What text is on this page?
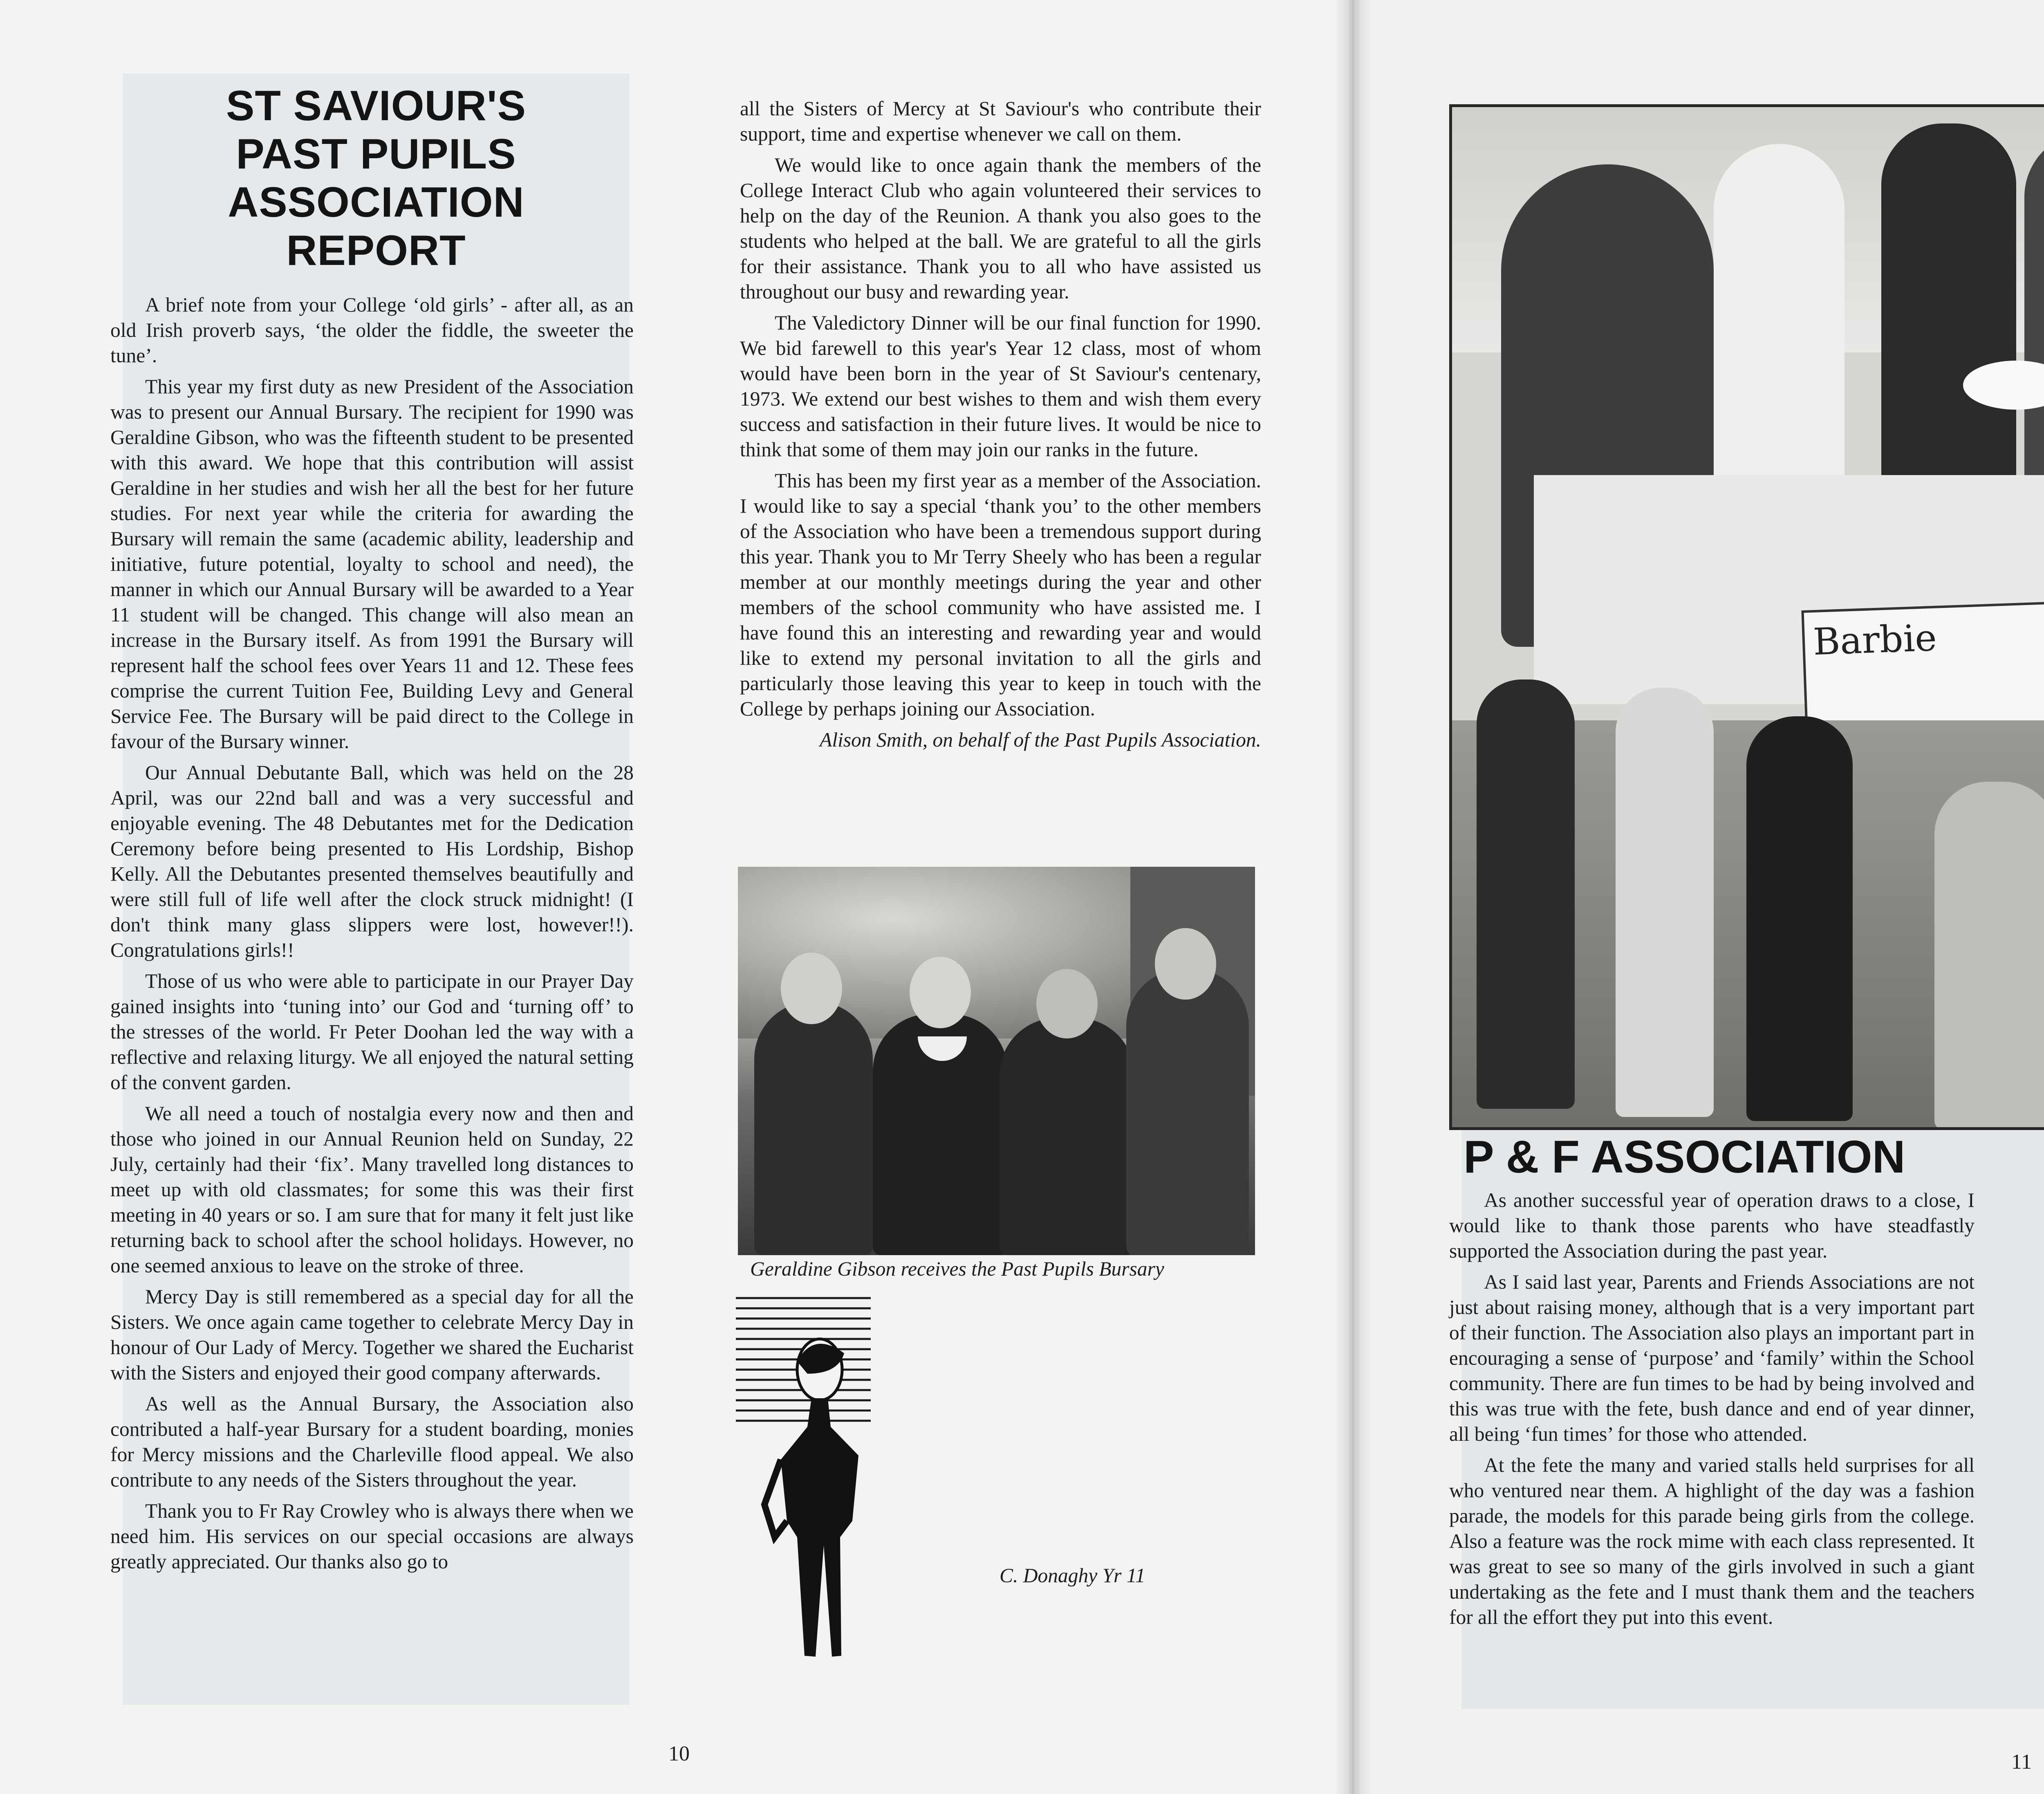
ST SAVIOUR'S
PAST PUPILS
ASSOCIATION
REPORT

A brief note from your College ‘old girls’ - after all, as an old Irish proverb says, ‘the older the fiddle, the sweeter the tune’.

This year my first duty as new President of the Association was to present our Annual Bursary. The recipient for 1990 was Geraldine Gibson, who was the fifteenth student to be presented with this award. We hope that this contribution will assist Geraldine in her studies and wish her all the best for her future studies. For next year while the criteria for awarding the Bursary will remain the same (academic ability, leadership and initiative, future potential, loyalty to school and need), the manner in which our Annual Bursary will be awarded to a Year 11 student will be changed. This change will also mean an increase in the Bursary itself. As from 1991 the Bursary will represent half the school fees over Years 11 and 12. These fees comprise the current Tuition Fee, Building Levy and General Service Fee. The Bursary will be paid direct to the College in favour of the Bursary winner.

Our Annual Debutante Ball, which was held on the 28 April, was our 22nd ball and was a very successful and enjoyable evening. The 48 Debutantes met for the Dedication Ceremony before being presented to His Lordship, Bishop Kelly. All the Debutantes presented themselves beautifully and were still full of life well after the clock struck midnight! (I don't think many glass slippers were lost, however!!). Congratulations girls!!

Those of us who were able to participate in our Prayer Day gained insights into ‘tuning into’ our God and ‘turning off’ to the stresses of the world. Fr Peter Doohan led the way with a reflective and relaxing liturgy. We all enjoyed the natural setting of the convent garden.

We all need a touch of nostalgia every now and then and those who joined in our Annual Reunion held on Sunday, 22 July, certainly had their ‘fix’. Many travelled long distances to meet up with old classmates; for some this was their first meeting in 40 years or so. I am sure that for many it felt just like returning back to school after the school holidays. However, no one seemed anxious to leave on the stroke of three.

Mercy Day is still remembered as a special day for all the Sisters. We once again came together to celebrate Mercy Day in honour of Our Lady of Mercy. Together we shared the Eucharist with the Sisters and enjoyed their good company afterwards.

As well as the Annual Bursary, the Association also contributed a half-year Bursary for a student boarding, monies for Mercy missions and the Charleville flood appeal. We also contribute to any needs of the Sisters throughout the year.

Thank you to Fr Ray Crowley who is always there when we need him. His services on our special occasions are always greatly appreciated. Our thanks also go to

all the Sisters of Mercy at St Saviour's who contribute their support, time and expertise whenever we call on them.

We would like to once again thank the members of the College Interact Club who again volunteered their services to help on the day of the Reunion. A thank you also goes to the students who helped at the ball. We are grateful to all the girls for their assistance. Thank you to all who have assisted us throughout our busy and rewarding year.

The Valedictory Dinner will be our final function for 1990. We bid farewell to this year's Year 12 class, most of whom would have been born in the year of St Saviour's centenary, 1973. We extend our best wishes to them and wish them every success and satisfaction in their future lives. It would be nice to think that some of them may join our ranks in the future.

This has been my first year as a member of the Association. I would like to say a special ‘thank you’ to the other members of the Association who have been a tremendous support during this year. Thank you to Mr Terry Sheely who has been a regular member at our monthly meetings during the year and other members of the school community who have assisted me. I have found this an interesting and rewarding year and would like to extend my personal invitation to all the girls and particularly those leaving this year to keep in touch with the College by perhaps joining our Association.

Alison Smith, on behalf of the Past Pupils Association.

Geraldine Gibson receives the Past Pupils Bursary
C. Donaghy Yr 11
10
Barbie
P & F ASSOCIATION

As another successful year of operation draws to a close, I would like to thank those parents who have steadfastly supported the Association during the past year.

As I said last year, Parents and Friends Associations are not just about raising money, although that is a very important part of their function. The Association also plays an important part in encouraging a sense of ‘purpose’ and ‘family’ within the School community. There are fun times to be had by being involved and this was true with the fete, bush dance and end of year dinner, all being ‘fun times’ for those who attended.

At the fete the many and varied stalls held surprises for all who ventured near them. A highlight of the day was a fashion parade, the models for this parade being girls from the college. Also a feature was the rock mime with each class represented. It was great to see so many of the girls involved in such a giant undertaking as the fete and I must thank them and the teachers for all the effort they put into this event.

11
